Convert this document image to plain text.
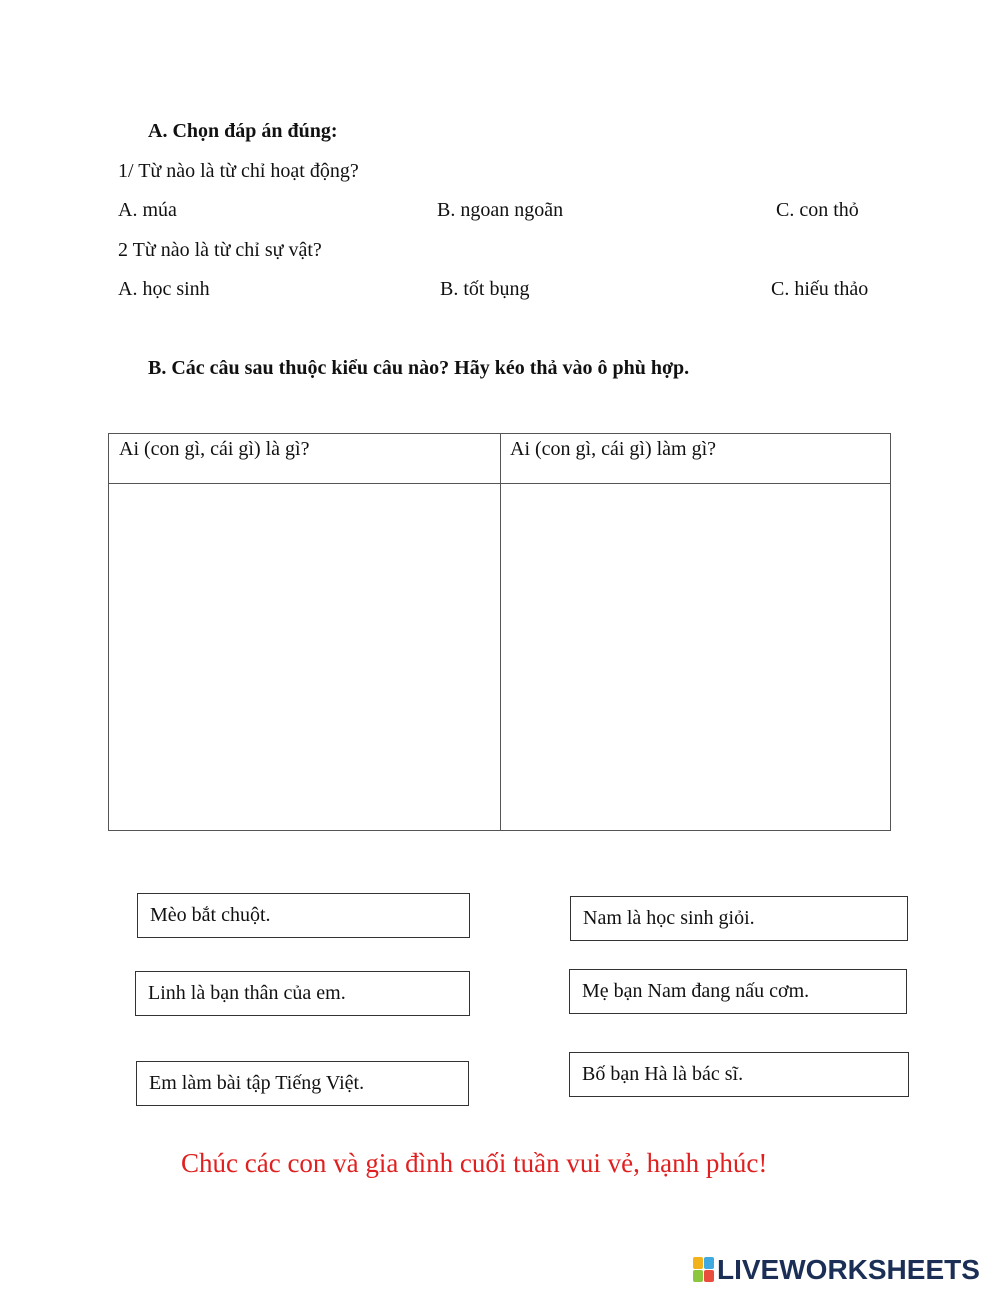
A. Chọn đáp án đúng:
1/ Từ nào là từ chỉ hoạt động?
A. múa	B. ngoan ngoãn	C. con thỏ
2 Từ nào là từ chỉ sự vật?
A. học sinh	B. tốt bụng	C. hiếu thảo
B. Các câu sau thuộc kiểu câu nào? Hãy kéo thả vào ô phù hợp.
Ai (con gì, cái gì) là gì?	Ai (con gì, cái gì) làm gì?
Mèo bắt chuột.	Nam là học sinh giỏi.
Linh là bạn thân của em.	Mẹ bạn Nam đang nấu cơm.
Em làm bài tập Tiếng Việt.	Bố bạn Hà là bác sĩ.
Chúc các con và gia đình cuối tuần vui vẻ, hạnh phúc!
LIVEWORKSHEETS
